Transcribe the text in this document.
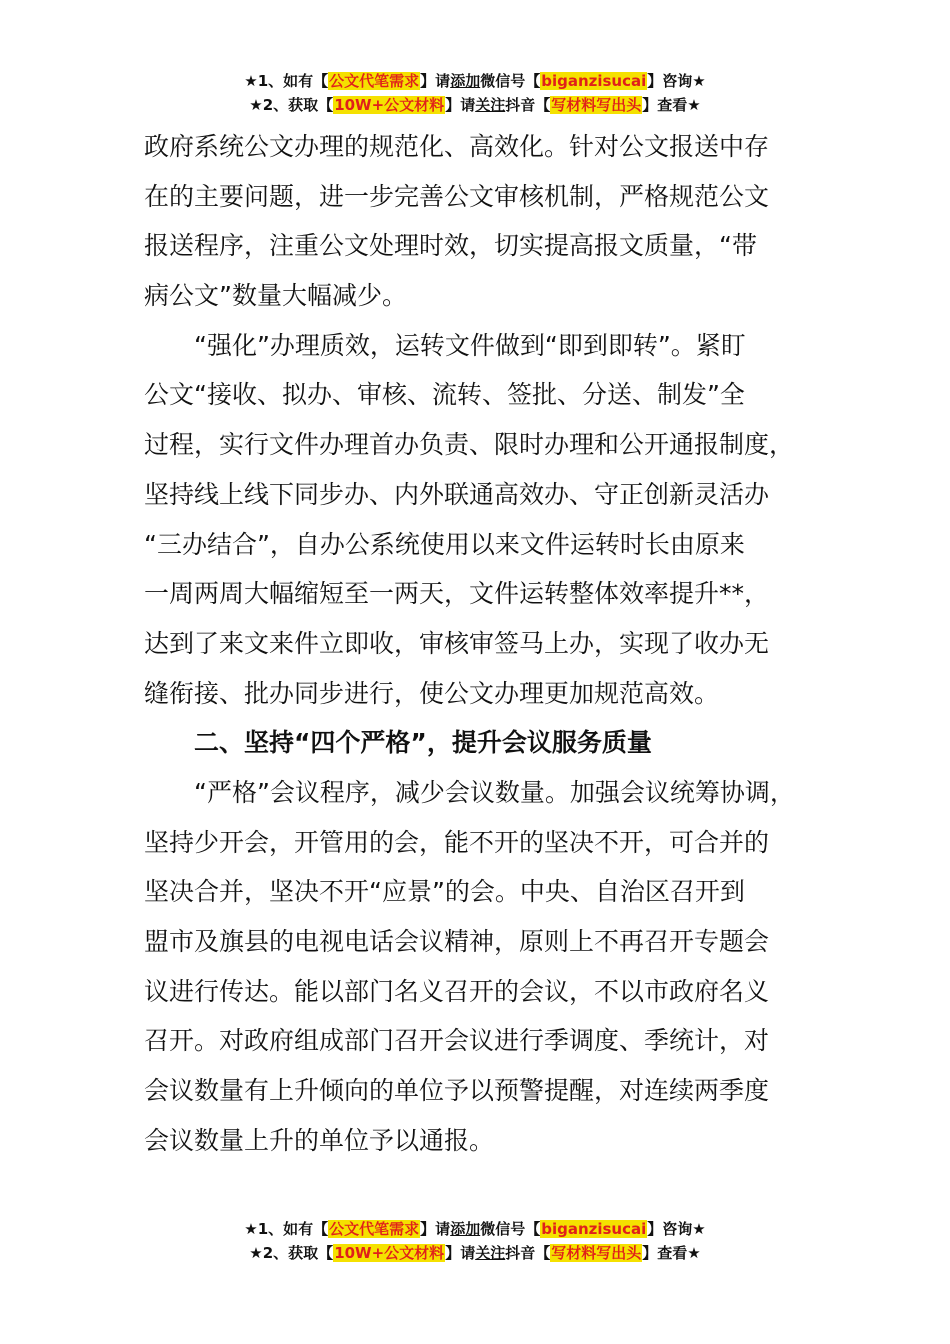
★1、如有【公文代笔需求】请添加微信号【biganzisucai】咨询★
★2、获取【10W+公文材料】请关注抖音【写材料写出头】查看★
政府系统公文办理的规范化、高效化。针对公文报送中存
在的主要问题，进一步完善公文审核机制，严格规范公文
报送程序，注重公文处理时效，切实提高报文质量，“带
病公文”数量大幅减少。
　　“强化”办理质效，运转文件做到“即到即转”。紧盯
公文“接收、拟办、审核、流转、签批、分送、制发”全
过程，实行文件办理首办负责、限时办理和公开通报制度，
坚持线上线下同步办、内外联通高效办、守正创新灵活办
“三办结合”，自办公系统使用以来文件运转时长由原来
一周两周大幅缩短至一两天，文件运转整体效率提升**，
达到了来文来件立即收，审核审签马上办，实现了收办无
缝衔接、批办同步进行，使公文办理更加规范高效。
　　二、坚持“四个严格”，提升会议服务质量
　　“严格”会议程序，减少会议数量。加强会议统筹协调，
坚持少开会，开管用的会，能不开的坚决不开，可合并的
坚决合并，坚决不开“应景”的会。中央、自治区召开到
盟市及旗县的电视电话会议精神，原则上不再召开专题会
议进行传达。能以部门名义召开的会议，不以市政府名义
召开。对政府组成部门召开会议进行季调度、季统计，对
会议数量有上升倾向的单位予以预警提醒，对连续两季度
会议数量上升的单位予以通报。
★1、如有【公文代笔需求】请添加微信号【biganzisucai】咨询★
★2、获取【10W+公文材料】请关注抖音【写材料写出头】查看★
